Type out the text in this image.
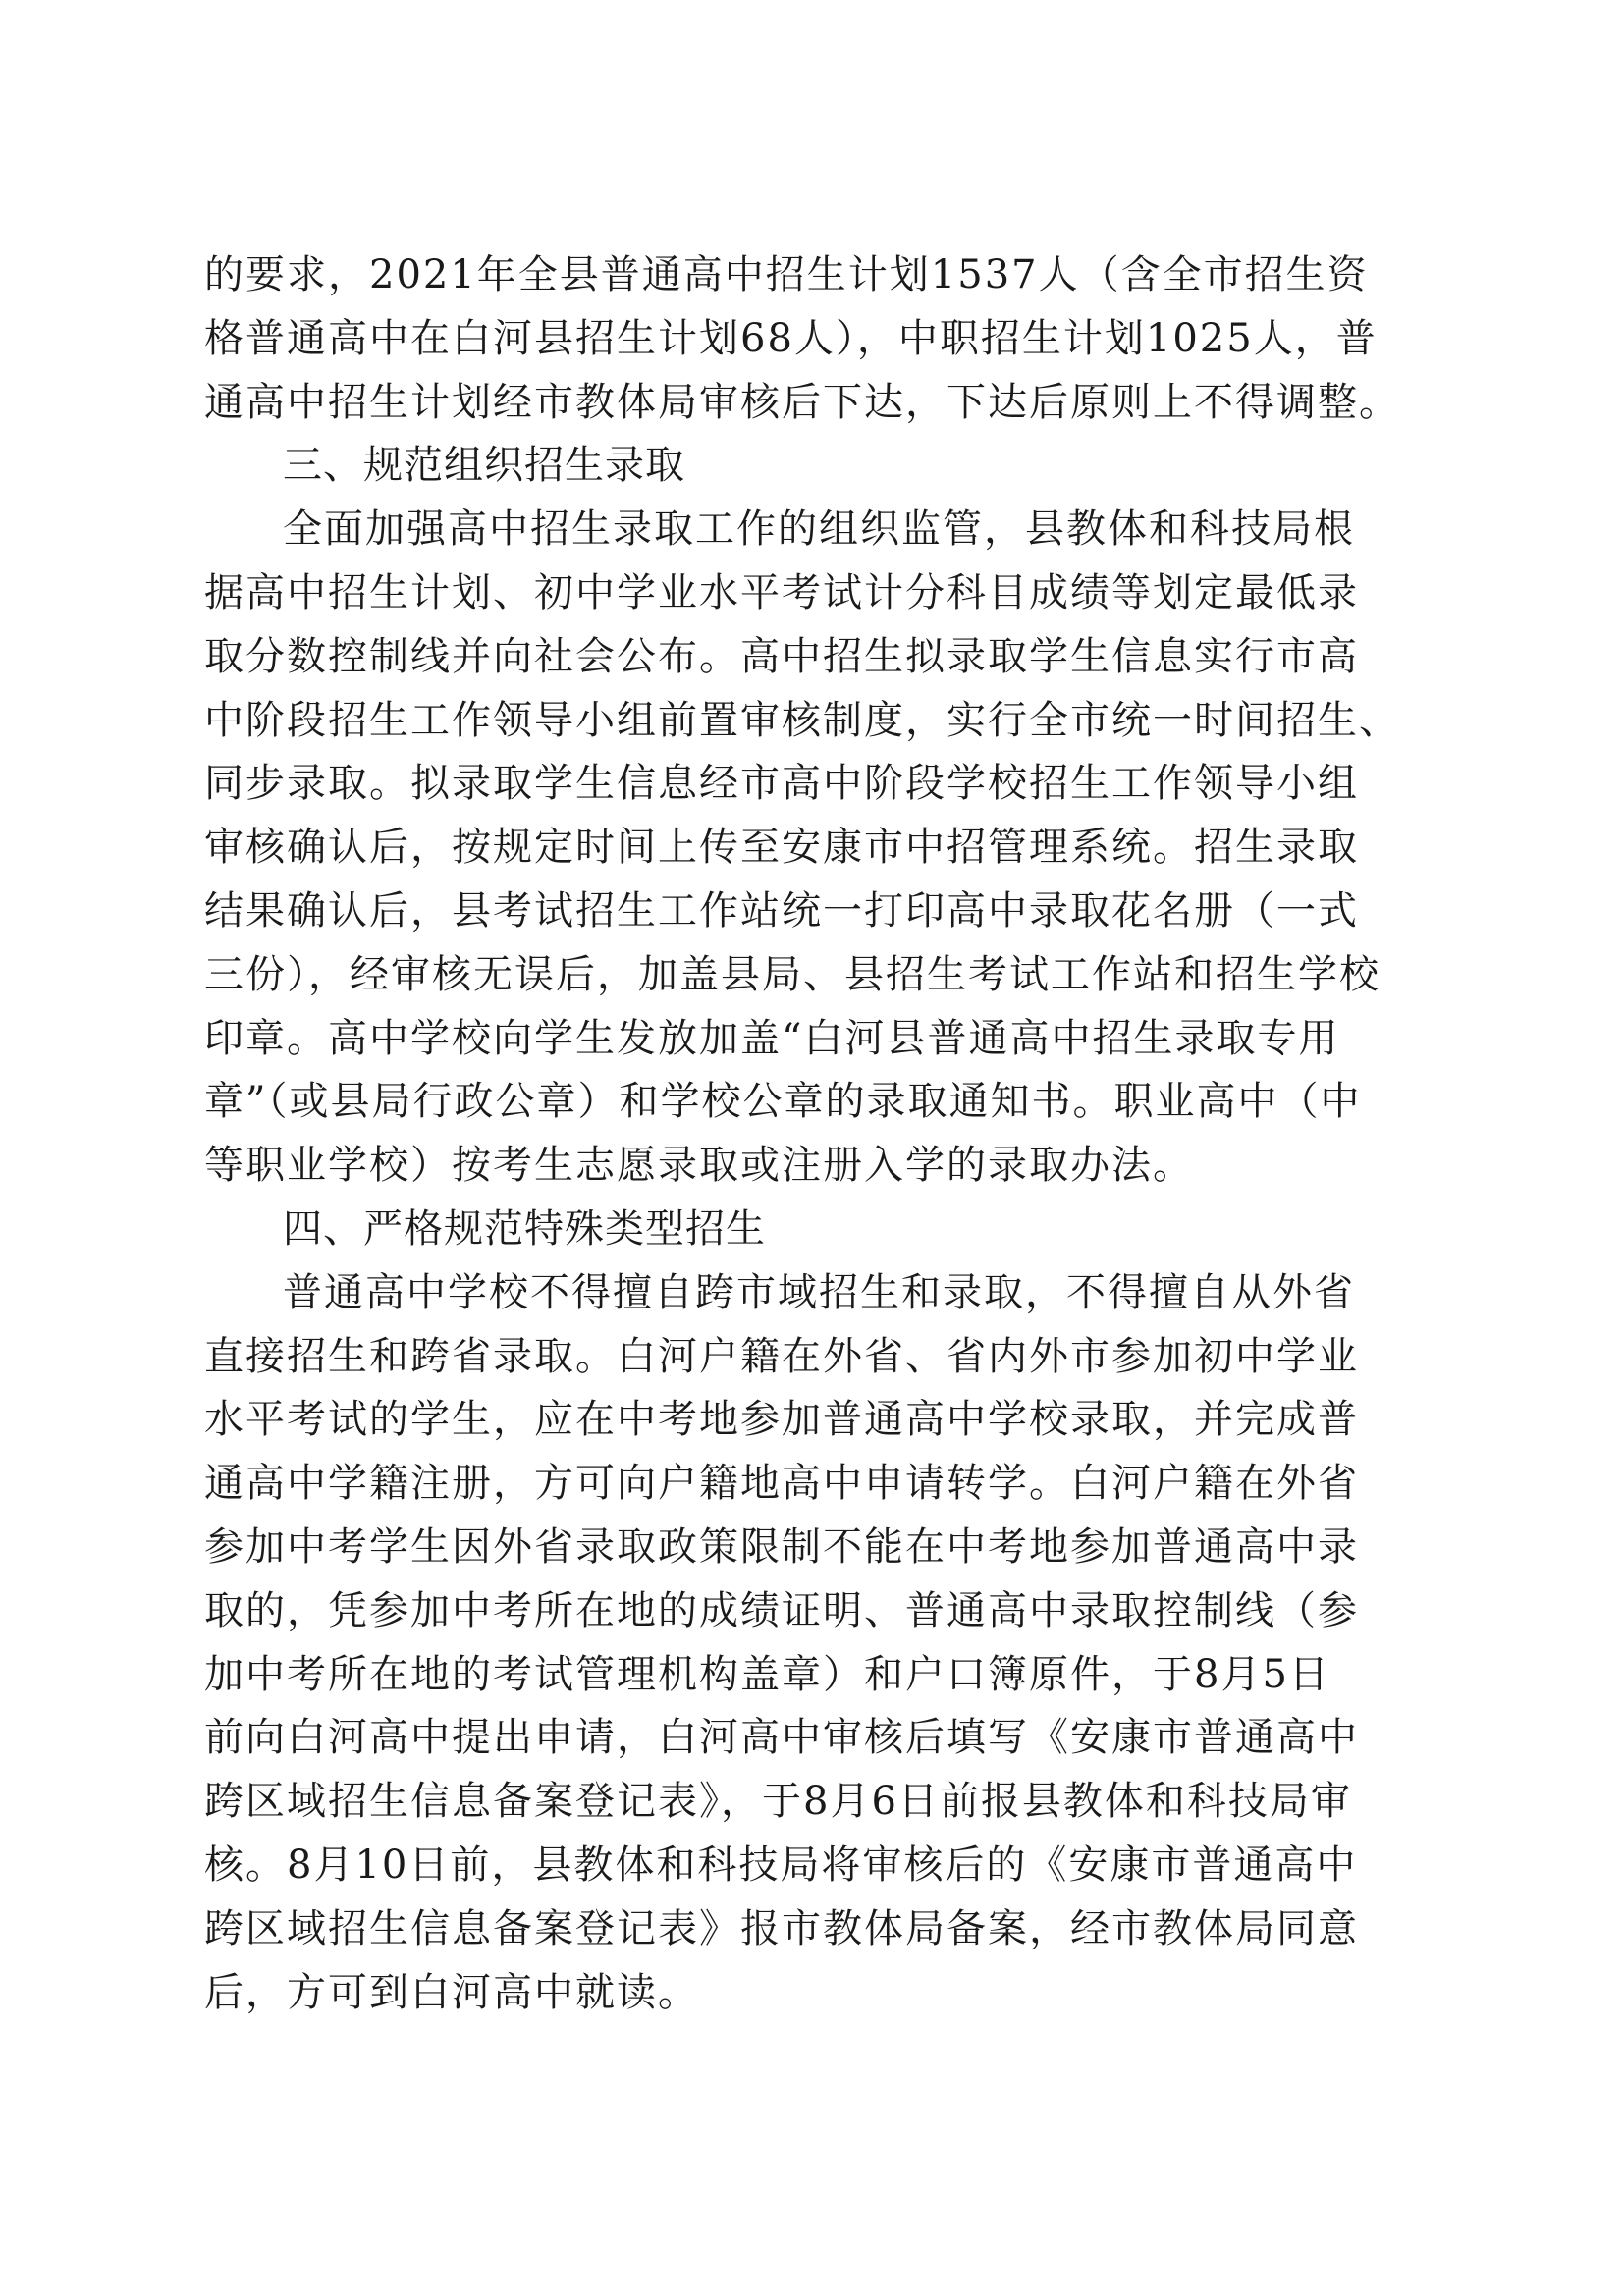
的要求，2021年全县普通高中招生计划1537人（含全市招生资
格普通高中在白河县招生计划68人），中职招生计划1025人，普
通高中招生计划经市教体局审核后下达，下达后原则上不得调整。
三、规范组织招生录取
全面加强高中招生录取工作的组织监管，县教体和科技局根
据高中招生计划、初中学业水平考试计分科目成绩等划定最低录
取分数控制线并向社会公布。高中招生拟录取学生信息实行市高
中阶段招生工作领导小组前置审核制度，实行全市统一时间招生、
同步录取。拟录取学生信息经市高中阶段学校招生工作领导小组
审核确认后，按规定时间上传至安康市中招管理系统。招生录取
结果确认后，县考试招生工作站统一打印高中录取花名册（一式
三份），经审核无误后，加盖县局、县招生考试工作站和招生学校
印章。高中学校向学生发放加盖“白河县普通高中招生录取专用
章”（或县局行政公章）和学校公章的录取通知书。职业高中（中
等职业学校）按考生志愿录取或注册入学的录取办法。
四、严格规范特殊类型招生
普通高中学校不得擅自跨市域招生和录取，不得擅自从外省
直接招生和跨省录取。白河户籍在外省、省内外市参加初中学业
水平考试的学生，应在中考地参加普通高中学校录取，并完成普
通高中学籍注册，方可向户籍地高中申请转学。白河户籍在外省
参加中考学生因外省录取政策限制不能在中考地参加普通高中录
取的，凭参加中考所在地的成绩证明、普通高中录取控制线（参
加中考所在地的考试管理机构盖章）和户口簿原件，于8月5日
前向白河高中提出申请，白河高中审核后填写《安康市普通高中
跨区域招生信息备案登记表》，于8月6日前报县教体和科技局审
核。8月10日前，县教体和科技局将审核后的《安康市普通高中
跨区域招生信息备案登记表》报市教体局备案，经市教体局同意
后，方可到白河高中就读。
